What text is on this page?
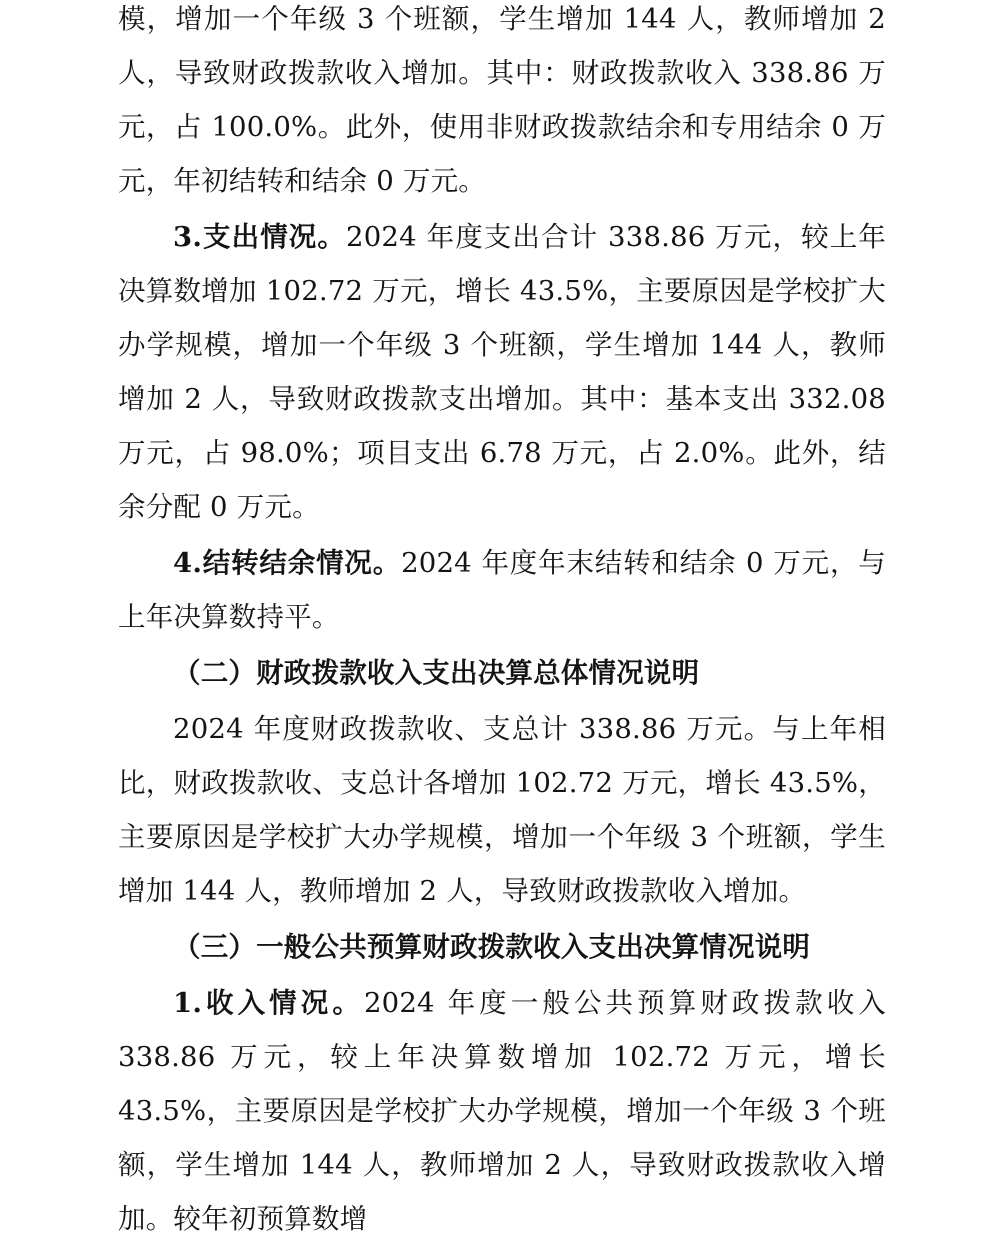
模，增加一个年级 3 个班额，学生增加 144 人，教师增加 2 人，导致财政拨款收入增加。其中：财政拨款收入 338.86 万元，占 100.0%。此外，使用非财政拨款结余和专用结余 0 万元，年初结转和结余 0 万元。

3.支出情况。2024 年度支出合计 338.86 万元，较上年决算数增加 102.72 万元，增长 43.5%，主要原因是学校扩大办学规模，增加一个年级 3 个班额，学生增加 144 人，教师增加 2 人，导致财政拨款支出增加。其中：基本支出 332.08 万元，占 98.0%；项目支出 6.78 万元，占 2.0%。此外，结余分配 0 万元。

4.结转结余情况。2024 年度年末结转和结余 0 万元，与上年决算数持平。

（二）财政拨款收入支出决算总体情况说明

2024 年度财政拨款收、支总计 338.86 万元。与上年相比，财政拨款收、支总计各增加 102.72 万元，增长 43.5%，主要原因是学校扩大办学规模，增加一个年级 3 个班额，学生增加 144 人，教师增加 2 人，导致财政拨款收入增加。

（三）一般公共预算财政拨款收入支出决算情况说明

1.收入情况。2024 年度一般公共预算财政拨款收入 338.86 万元，较上年决算数增加 102.72 万元，增长 43.5%，主要原因是学校扩大办学规模，增加一个年级 3 个班额，学生增加 144 人，教师增加 2 人，导致财政拨款收入增加。较年初预算数增
